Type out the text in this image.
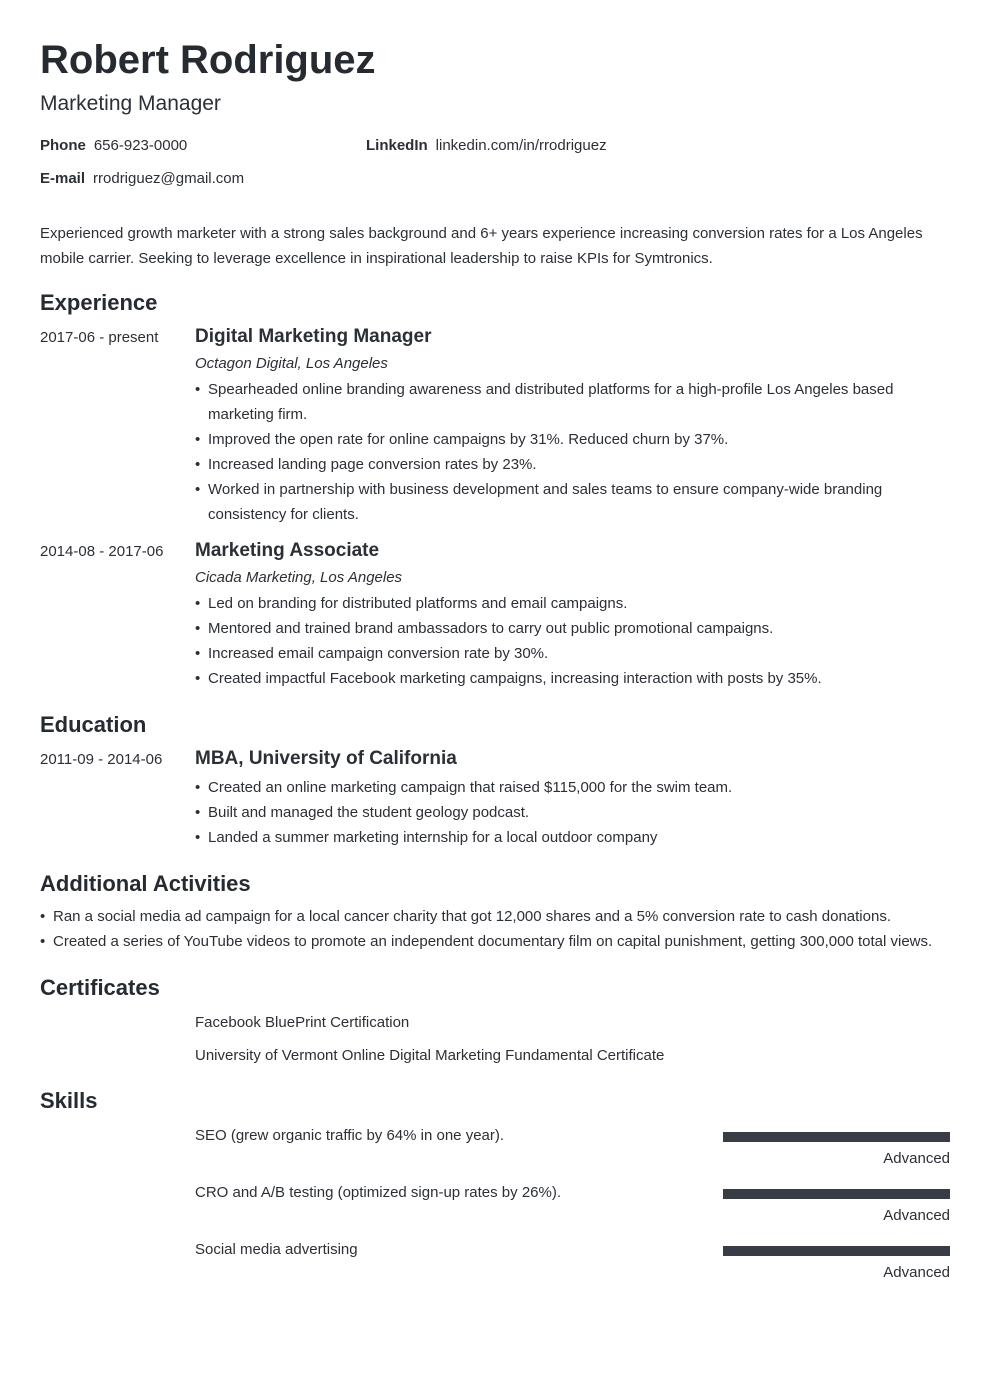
Robert Rodriguez
Marketing Manager
Phone 656-923-0000	LinkedIn linkedin.com/in/rrodriguez
E-mail rrodriguez@gmail.com
Experienced growth marketer with a strong sales background and 6+ years experience increasing conversion rates for a Los Angeles mobile carrier. Seeking to leverage excellence in inspirational leadership to raise KPIs for Symtronics.
Experience
2017-06 - present	Digital Marketing Manager
Octagon Digital, Los Angeles
• Spearheaded online branding awareness and distributed platforms for a high-profile Los Angeles based marketing firm.
• Improved the open rate for online campaigns by 31%. Reduced churn by 37%.
• Increased landing page conversion rates by 23%.
• Worked in partnership with business development and sales teams to ensure company-wide branding consistency for clients.
2014-08 - 2017-06	Marketing Associate
Cicada Marketing, Los Angeles
• Led on branding for distributed platforms and email campaigns.
• Mentored and trained brand ambassadors to carry out public promotional campaigns.
• Increased email campaign conversion rate by 30%.
• Created impactful Facebook marketing campaigns, increasing interaction with posts by 35%.
Education
2011-09 - 2014-06	MBA, University of California
• Created an online marketing campaign that raised $115,000 for the swim team.
• Built and managed the student geology podcast.
• Landed a summer marketing internship for a local outdoor company
Additional Activities
• Ran a social media ad campaign for a local cancer charity that got 12,000 shares and a 5% conversion rate to cash donations.
• Created a series of YouTube videos to promote an independent documentary film on capital punishment, getting 300,000 total views.
Certificates
Facebook BluePrint Certification
University of Vermont Online Digital Marketing Fundamental Certificate
Skills
SEO (grew organic traffic by 64% in one year).
Advanced
CRO and A/B testing (optimized sign-up rates by 26%).
Advanced
Social media advertising
Advanced
